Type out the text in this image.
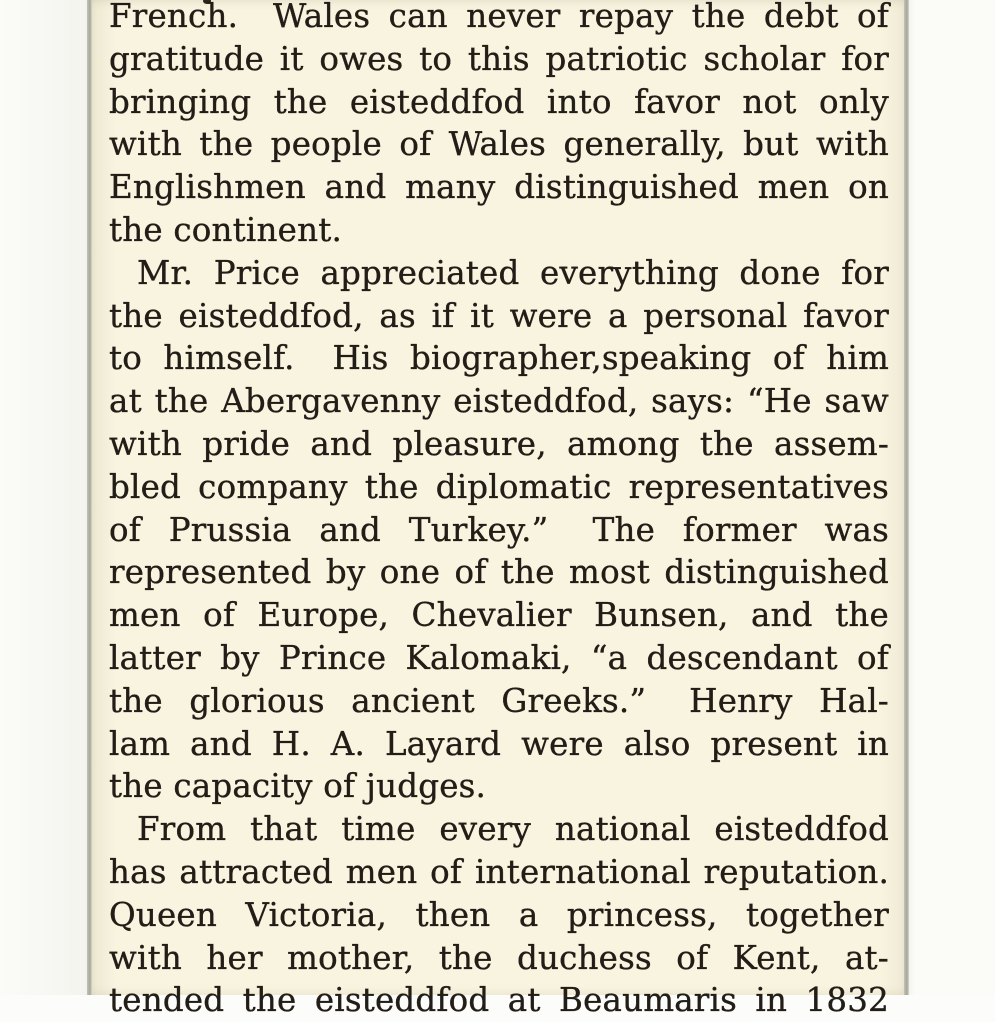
French.  Wales can never repay the debt of
gratitude it owes to this patriotic scholar for
bringing the eisteddfod into favor not only
with the people of Wales generally, but with
Englishmen and many distinguished men on
the continent.
Mr. Price appreciated everything done for
the eisteddfod, as if it were a personal favor
to himself.  His biographer,speaking of him
at the Abergavenny eisteddfod, says: “He saw
with pride and pleasure, among the assem-
bled company the diplomatic representatives
of Prussia and Turkey.”  The former was
represented by one of the most distinguished
men of Europe, Chevalier Bunsen, and the
latter by Prince Kalomaki, “a descendant of
the glorious ancient Greeks.”  Henry Hal-
lam and H. A. Layard were also present in
the capacity of judges.
From that time every national eisteddfod
has attracted men of international reputation.
Queen Victoria, then a princess, together
with her mother, the duchess of Kent, at-
tended the eisteddfod at Beaumaris in 1832
